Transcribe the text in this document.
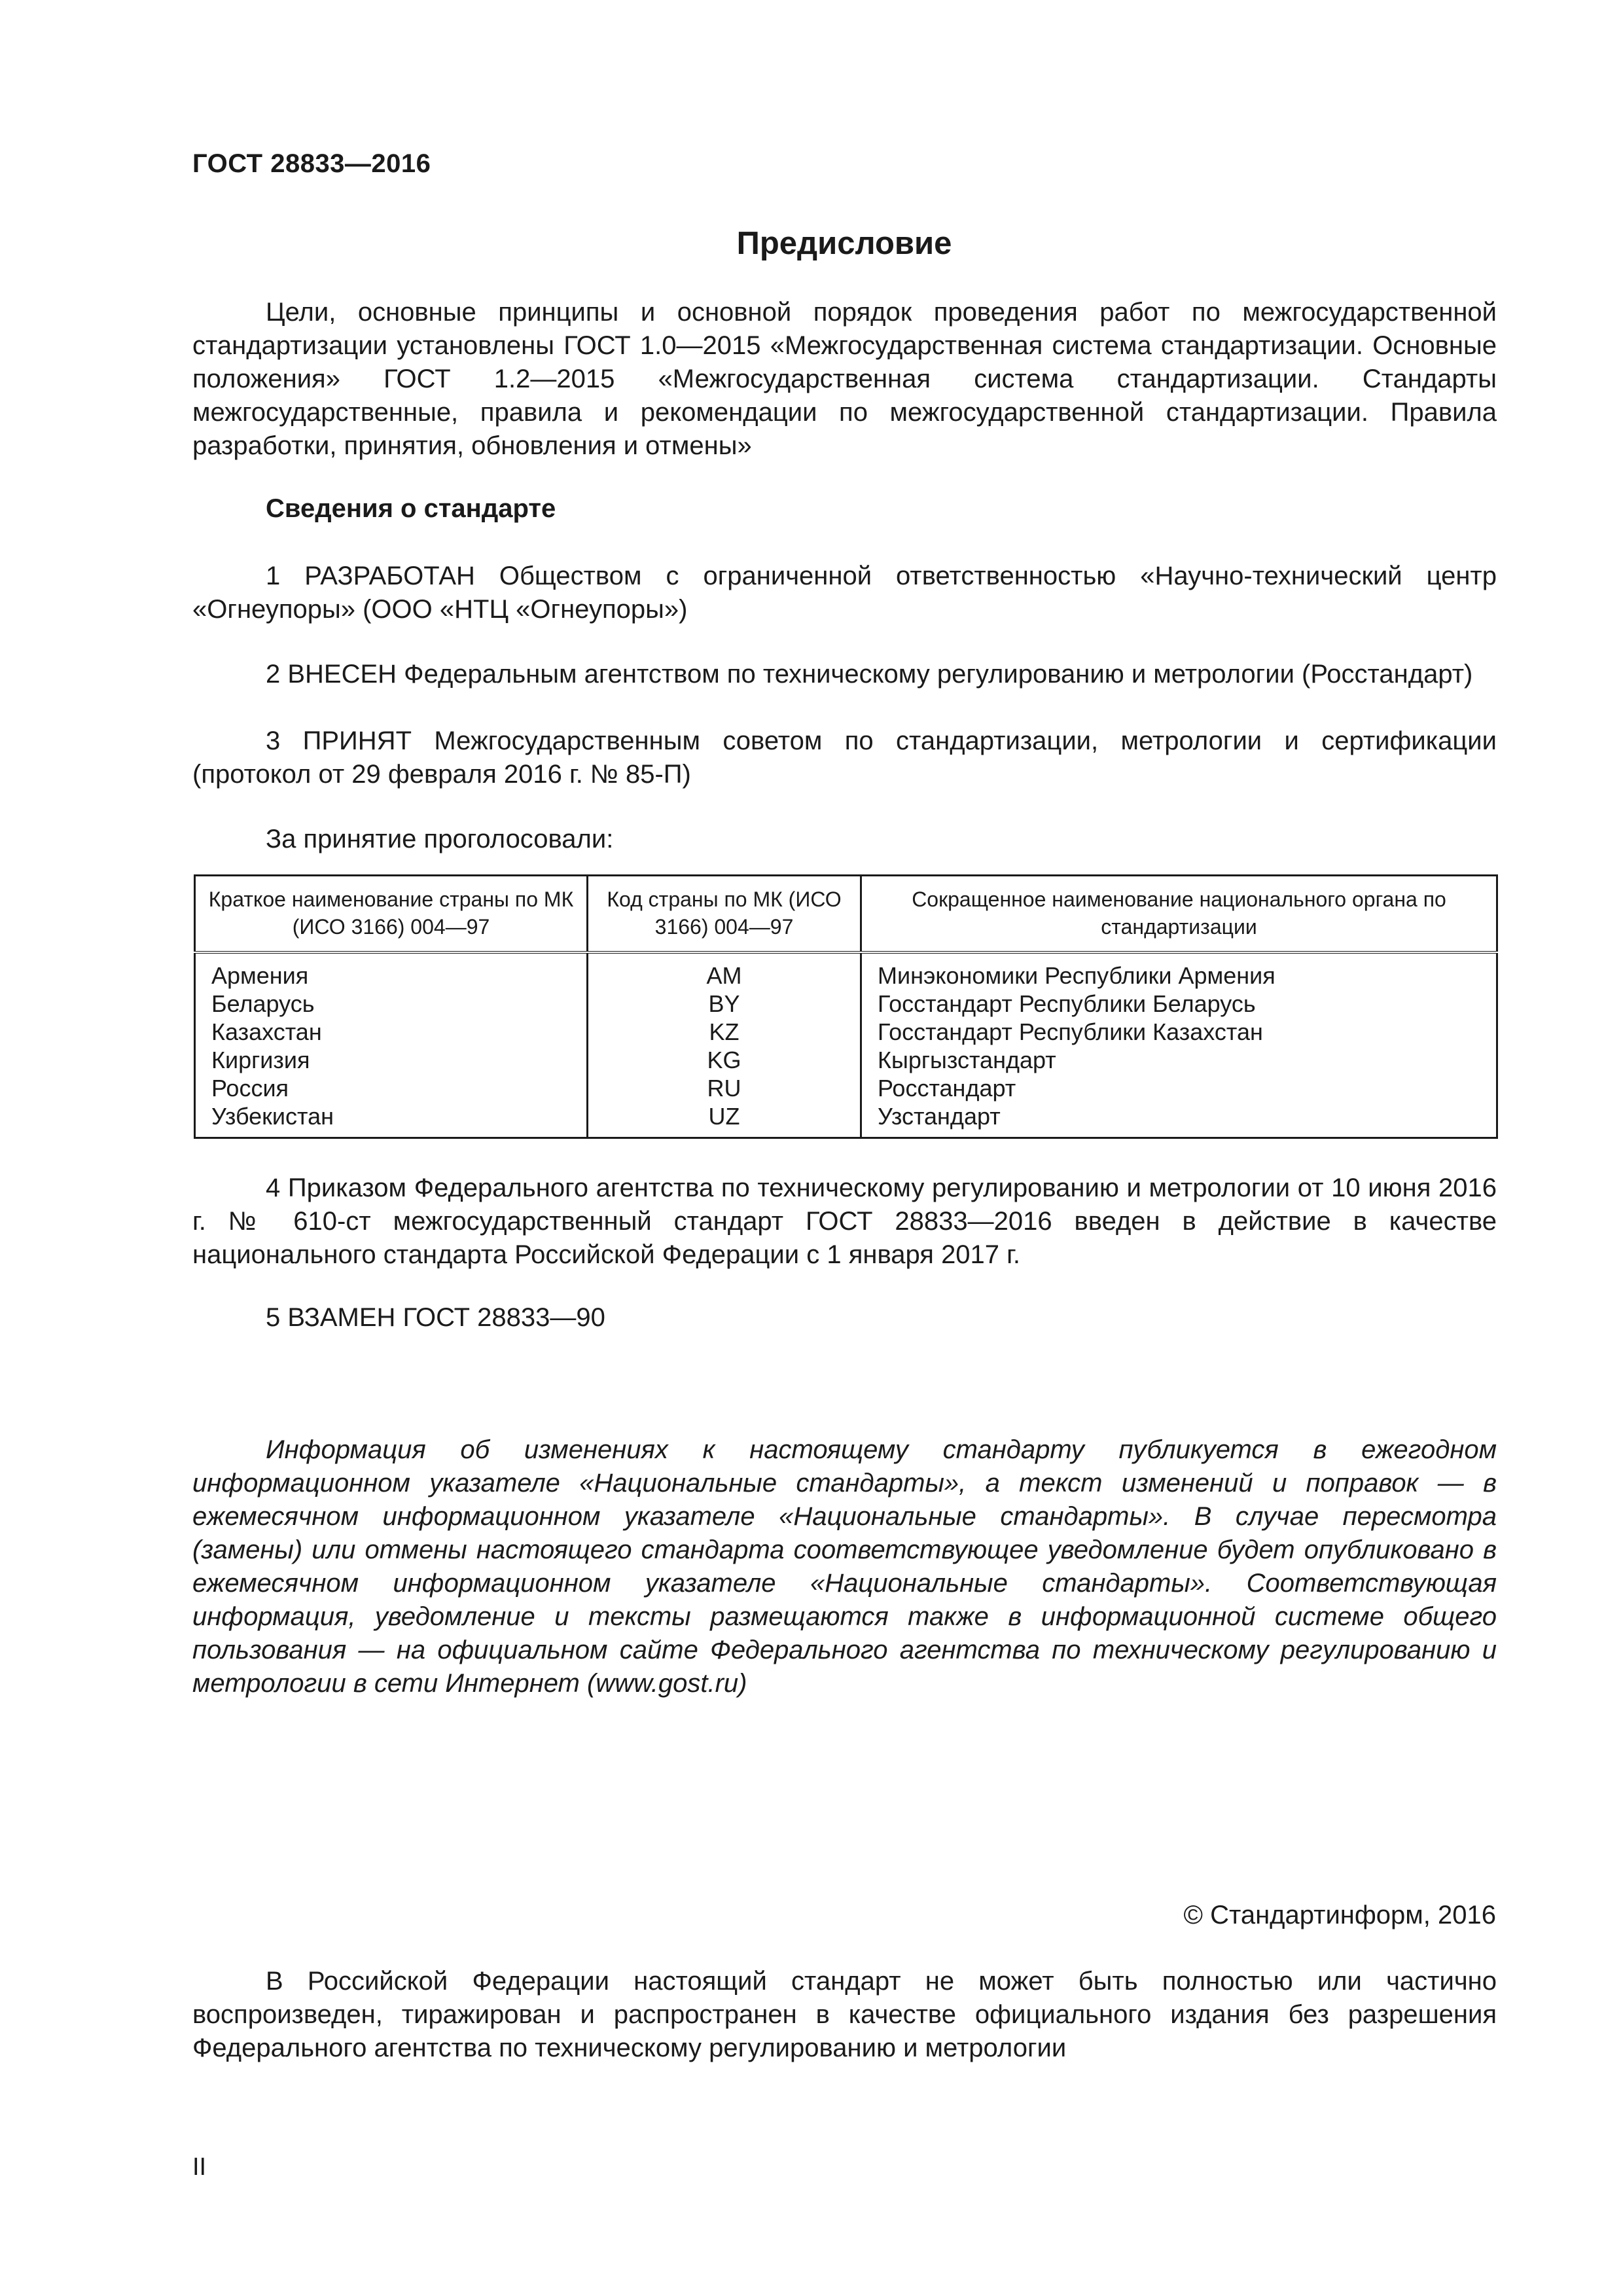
ГОСТ 28833—2016
Предисловие

Цели, основные принципы и основной порядок проведения работ по межгосударственной стандартизации установлены ГОСТ 1.0—2015 «Межгосударственная система стандартизации. Основные положения» ГОСТ 1.2—2015 «Межгосударственная система стандартизации. Стандарты межгосударственные, правила и рекомендации по межгосударственной стандартизации. Правила разработки, принятия, обновления и отмены»

Сведения о стандарте

1 РАЗРАБОТАН Обществом с ограниченной ответственностью «Научно-технический центр «Огнеупоры» (ООО «НТЦ «Огнеупоры»)

2 ВНЕСЕН Федеральным агентством по техническому регулированию и метрологии (Росстандарт)

3 ПРИНЯТ Межгосударственным советом по стандартизации, метрологии и сертификации (протокол от 29 февраля 2016 г. № 85-П)

За принятие проголосовали:

Краткое наименование страны по МК (ИСО 3166) 004—97	Код страны по МК (ИСО 3166) 004—97	Сокращенное наименование национального органа по стандартизации
Армения	AM	Минэкономики Республики Армения
Беларусь	BY	Госстандарт Республики Беларусь
Казахстан	KZ	Госстандарт Республики Казахстан
Киргизия	KG	Кыргызстандарт
Россия	RU	Росстандарт
Узбекистан	UZ	Узстандарт

4 Приказом Федерального агентства по техническому регулированию и метрологии от 10 июня 2016 г. № 610-ст межгосударственный стандарт ГОСТ 28833—2016 введен в действие в качестве национального стандарта Российской Федерации с 1 января 2017 г.

5 ВЗАМЕН ГОСТ 28833—90

Информация об изменениях к настоящему стандарту публикуется в ежегодном информационном указателе «Национальные стандарты», а текст изменений и поправок — в ежемесячном информационном указателе «Национальные стандарты». В случае пересмотра (замены) или отмены настоящего стандарта соответствующее уведомление будет опубликовано в ежемесячном информационном указателе «Национальные стандарты». Соответствующая информация, уведомление и тексты размещаются также в информационной системе общего пользования — на официальном сайте Федерального агентства по техническому регулированию и метрологии в сети Интернет (www.gost.ru)

© Стандартинформ, 2016

В Российской Федерации настоящий стандарт не может быть полностью или частично воспроизведен, тиражирован и распространен в качестве официального издания без разрешения Федерального агентства по техническому регулированию и метрологии

II
